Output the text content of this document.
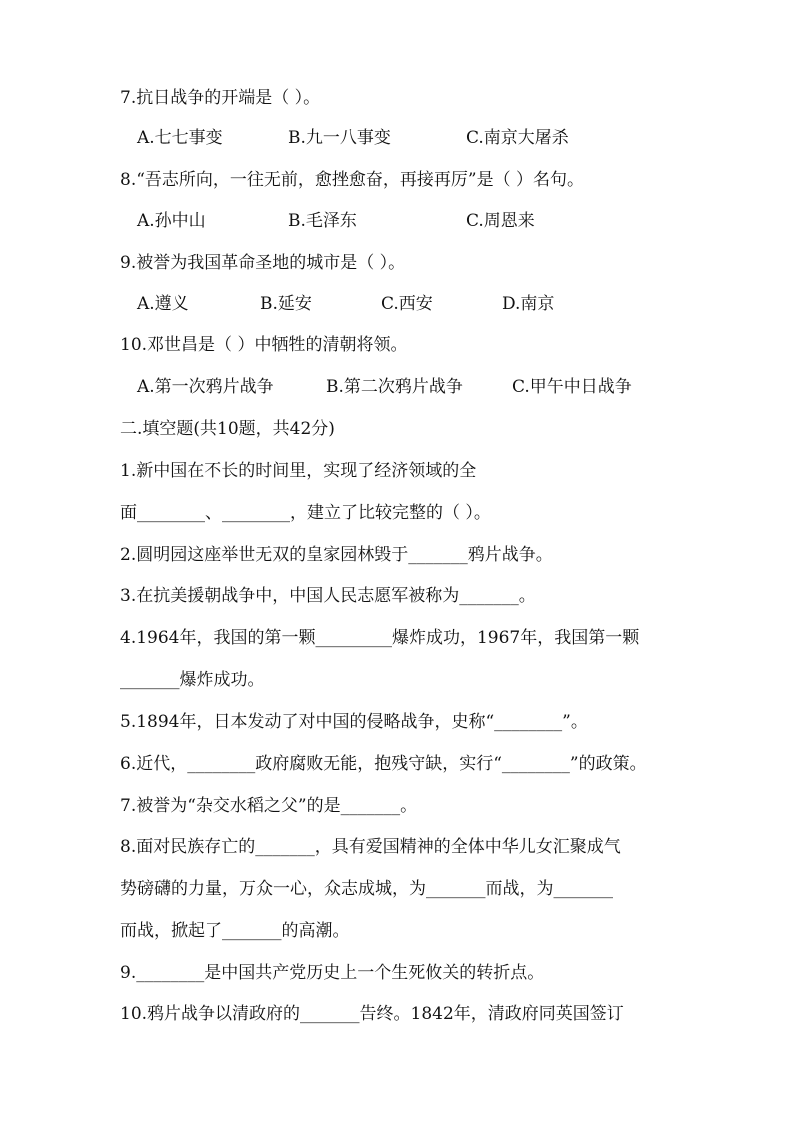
7.抗日战争的开端是（ ）。
A.七七事变	B.九一八事变	C.南京大屠杀
8.“吾志所向，一往无前，愈挫愈奋，再接再厉”是（ ）名句。
A.孙中山	B.毛泽东	C.周恩来
9.被誉为我国革命圣地的城市是（ ）。
A.遵义	B.延安	C.西安	D.南京
10.邓世昌是（ ）中牺牲的清朝将领。
A.第一次鸦片战争	B.第二次鸦片战争	C.甲午中日战争
二.填空题(共10题，共42分)
1.新中国在不长的时间里，实现了经济领域的全
面________、________，建立了比较完整的（ ）。
2.圆明园这座举世无双的皇家园林毁于_______鸦片战争。
3.在抗美援朝战争中，中国人民志愿军被称为_______。
4.1964年，我国的第一颗_________爆炸成功，1967年，我国第一颗
_______爆炸成功。
5.1894年，日本发动了对中国的侵略战争，史称“________”。
6.近代，________政府腐败无能，抱残守缺，实行“________”的政策。
7.被誉为“杂交水稻之父”的是_______。
8.面对民族存亡的_______，具有爱国精神的全体中华儿女汇聚成气
势磅礴的力量，万众一心，众志成城，为_______而战，为_______
而战，掀起了_______的高潮。
9.________是中国共产党历史上一个生死攸关的转折点。
10.鸦片战争以清政府的_______告终。1842年，清政府同英国签订
